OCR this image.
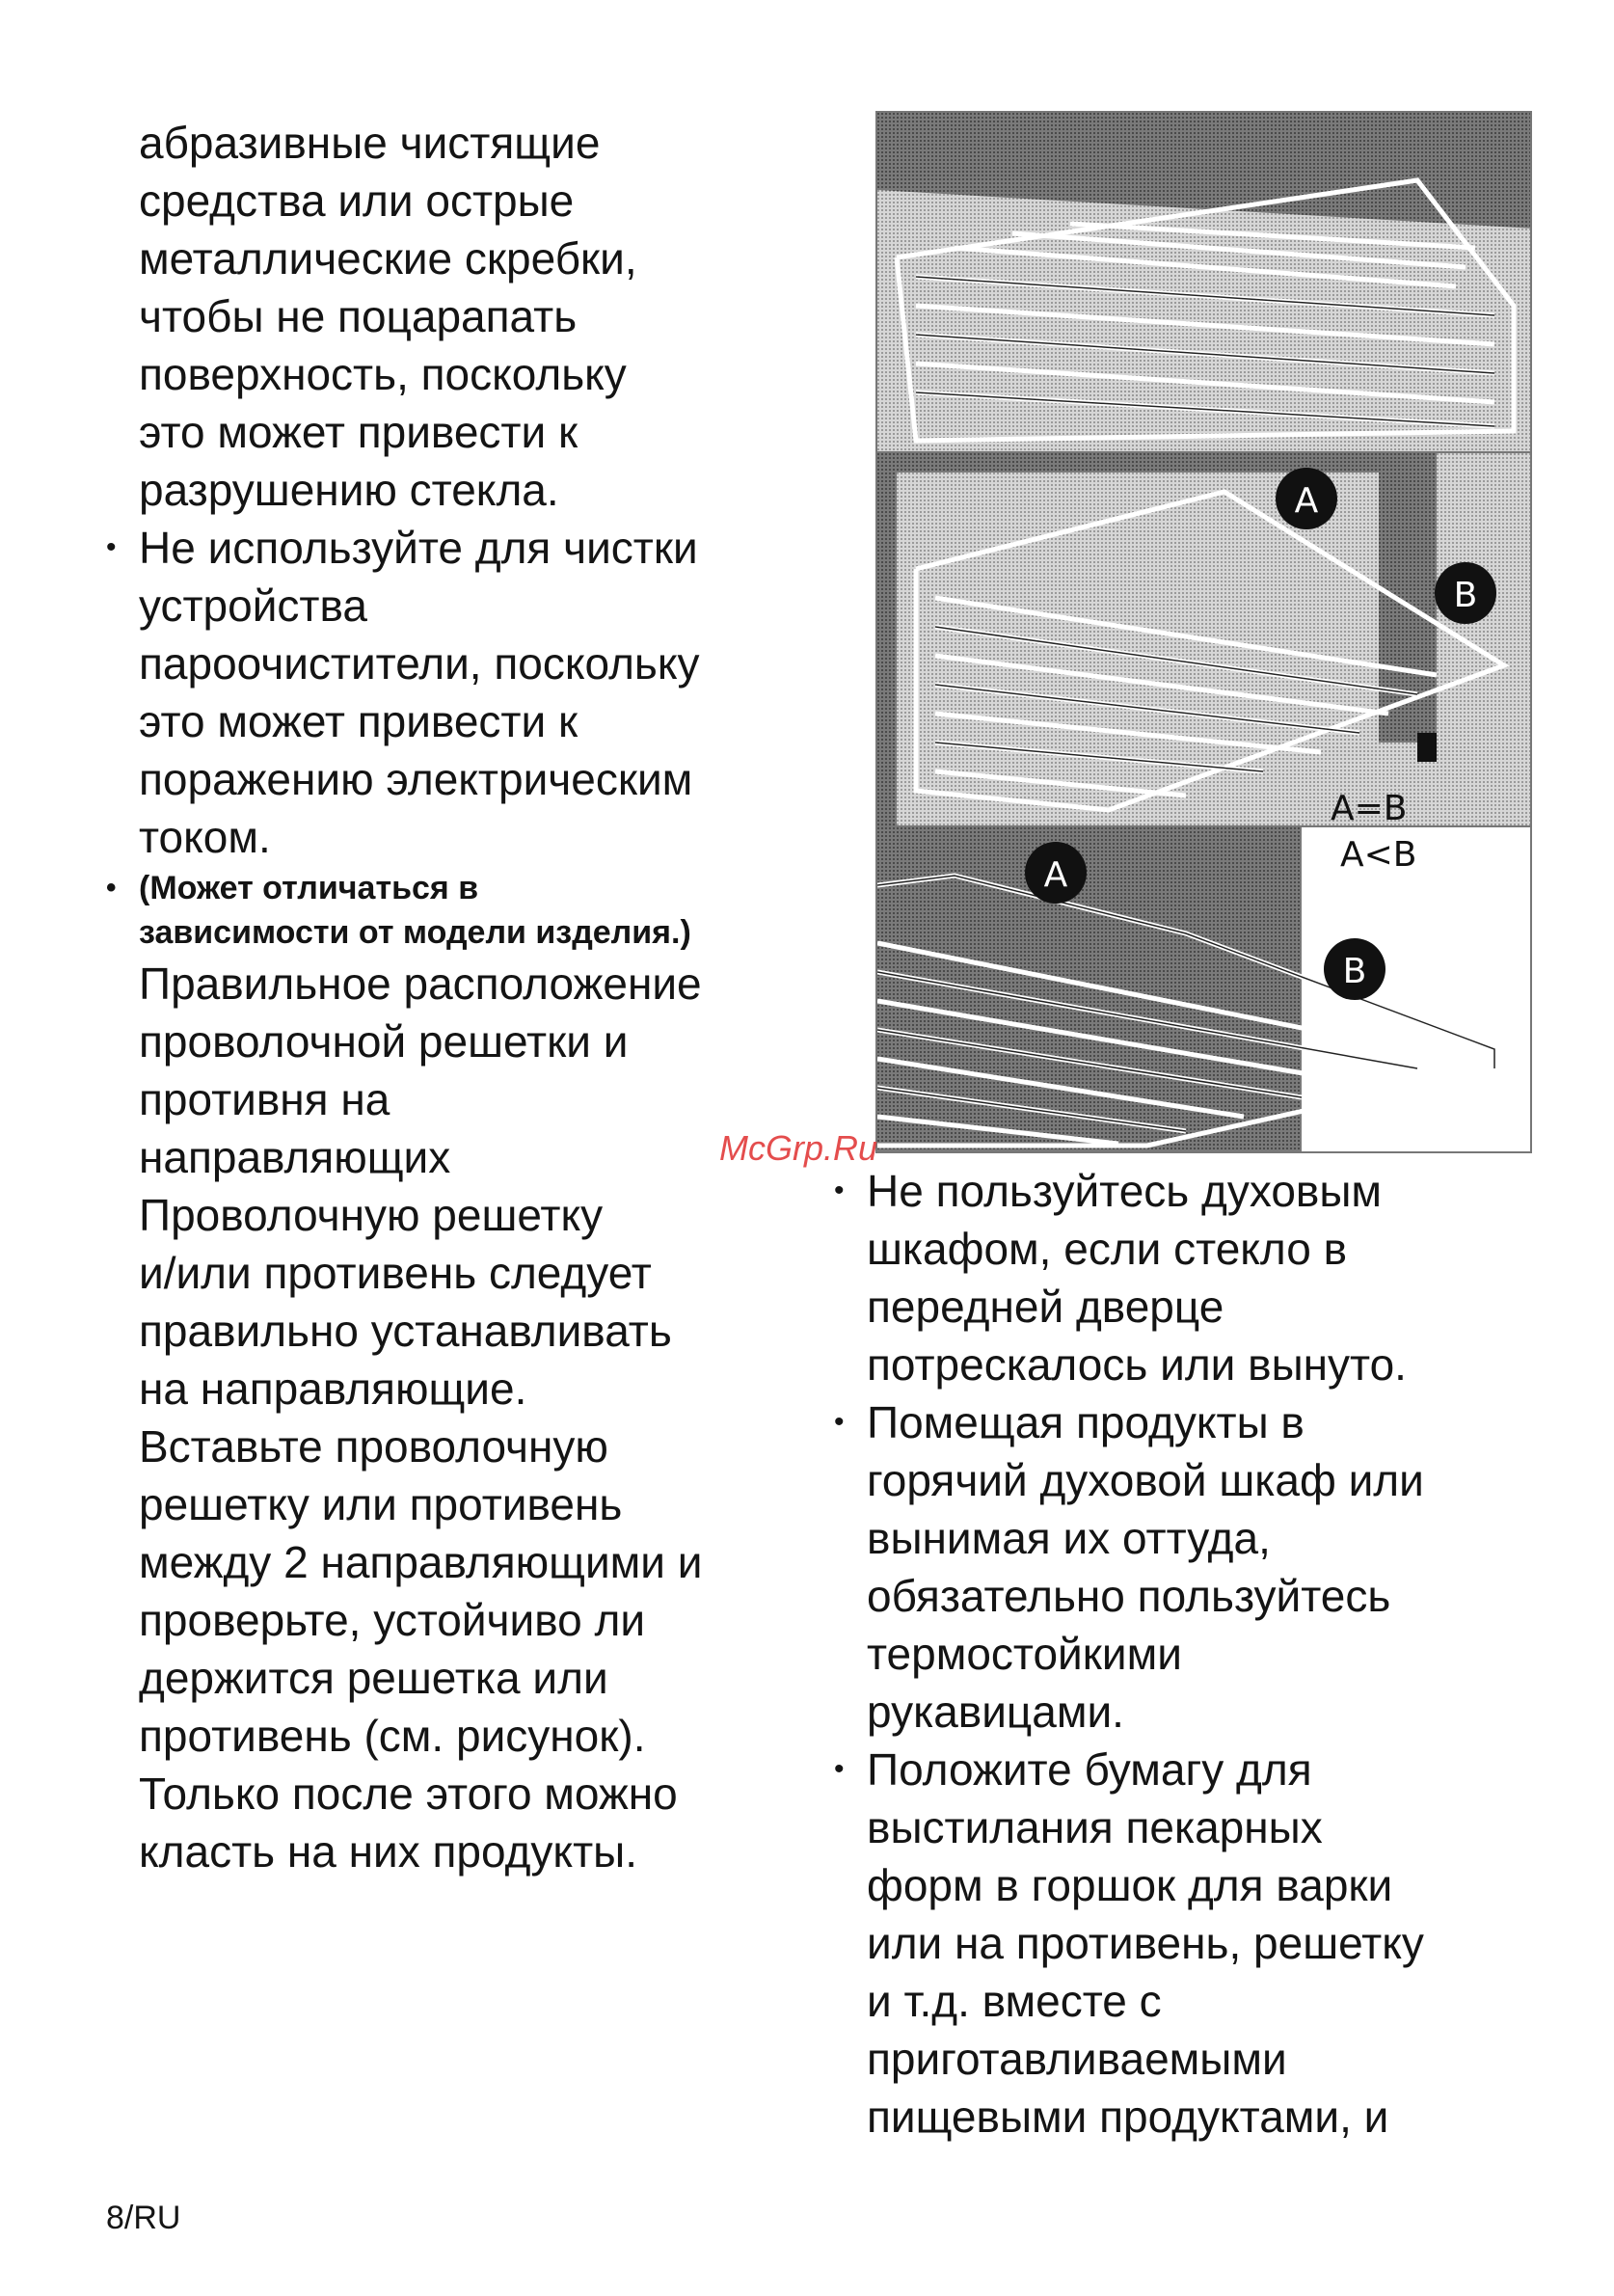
абразивные чистящие

средства или острые

металлические скребки,

чтобы не поцарапать

поверхность, поскольку

это может привести к

разрушению стекла.

• Не используйте для чистки

устройства

пароочистители, поскольку

это может привести к

поражению электрическим

током.

• (Может отличаться в

зависимости от модели изделия.)

Правильное расположение

проволочной решетки и

противня на

направляющих

Проволочную решетку

и/или противень следует

правильно устанавливать

на направляющие.

Вставьте проволочную

решетку или противень

между 2 направляющими и

проверьте, устойчиво ли

держится решетка или

противень (см. рисунок).

Только после этого можно

класть на них продукты.

A
B
A=B
A
B
A<B
McGrp.Ru
• Не пользуйтесь духовым

шкафом, если стекло в

передней дверце

потрескалось или вынуто.

• Помещая продукты в

горячий духовой шкаф или

вынимая их оттуда,

обязательно пользуйтесь

термостойкими

рукавицами.

• Положите бумагу для

выстилания пекарных

форм в горшок для варки

или на противень, решетку

и т.д. вместе с

приготавливаемыми

пищевыми продуктами, и

8/RU
